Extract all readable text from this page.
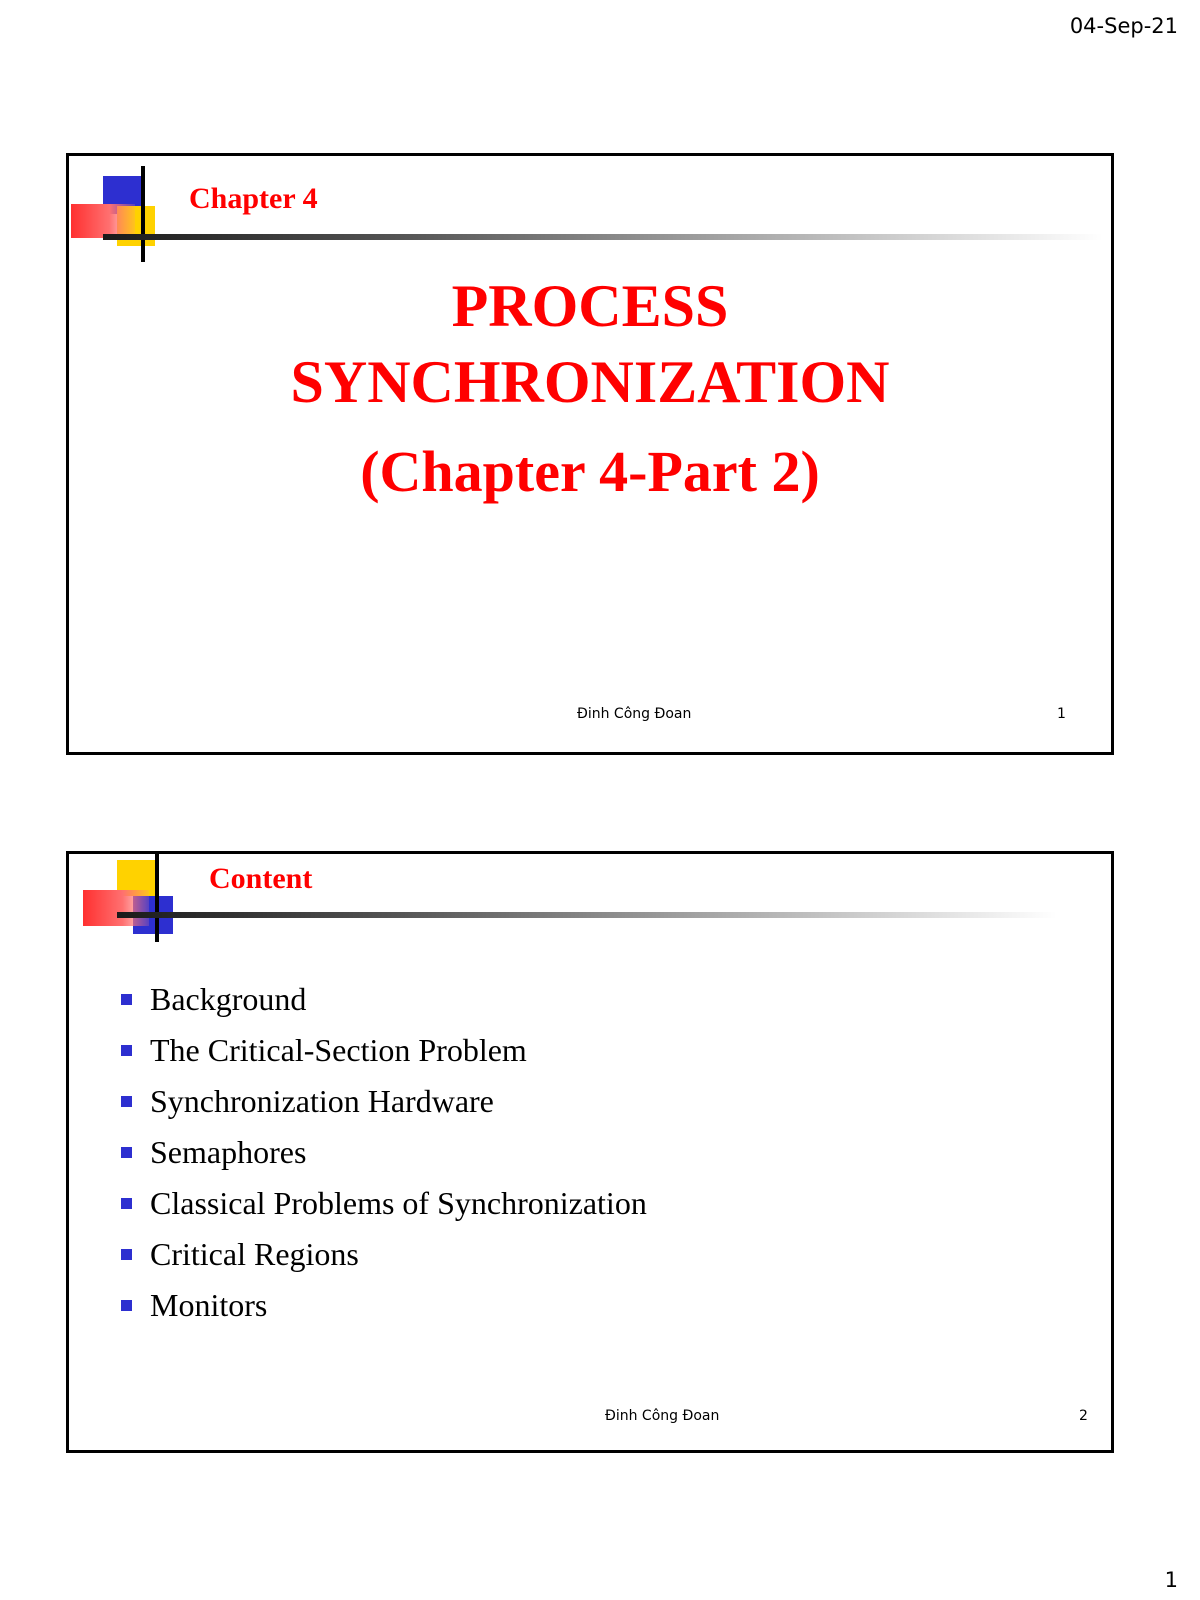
04-Sep-21
Chapter 4
PROCESS
SYNCHRONIZATION
(Chapter 4-Part 2)
Đinh Công Đoan	1
Content
Background
The Critical-Section Problem
Synchronization Hardware
Semaphores
Classical Problems of Synchronization
Critical Regions
Monitors
Đinh Công Đoan	2
1
